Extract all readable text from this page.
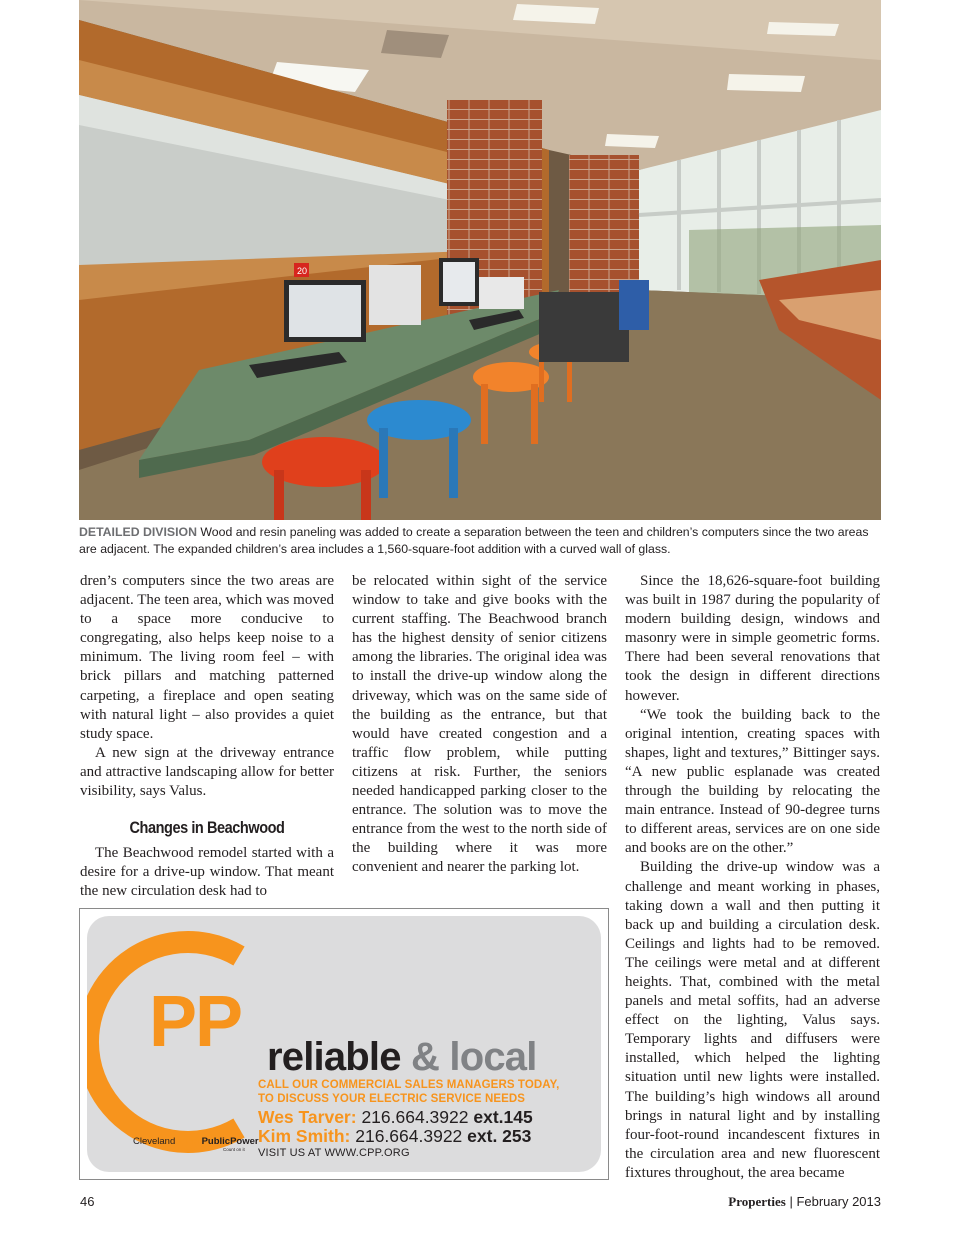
20
DETAILED DIVISION Wood and resin paneling was added to create a separation between the teen and children’s computers since the two areas are adjacent. The expanded children’s area includes a 1,560-square-foot addition with a curved wall of glass.

dren’s computers since the two areas are adjacent. The teen area, which was moved to a space more conducive to congregating, also helps keep noise to a minimum. The living room feel – with brick pillars and matching patterned carpeting, a fireplace and open seating with natural light – also provides a quiet study space.

A new sign at the driveway entrance and attractive landscaping allow for better visibility, says Valus.

Changes in Beachwood

The Beachwood remodel started with a desire for a drive-up window. That meant the new circulation desk had to

be relocated within sight of the service window to take and give books with the current staffing. The Beachwood branch has the highest density of senior citizens among the libraries. The original idea was to install the drive-up window along the driveway, which was on the same side of the building as the entrance, but that would have created congestion and a traffic flow problem, while putting citizens at risk. Further, the seniors needed handicapped parking closer to the entrance. The solution was to move the entrance from the west to the north side of the building where it was more convenient and nearer the parking lot.

Since the 18,626-square-foot building was built in 1987 during the popularity of modern building design, windows and masonry were in simple geometric forms. There had been several renovations that took the design in different directions however.

“We took the building back to the original intention, creating spaces with shapes, light and textures,” Bittinger says. “A new public esplanade was created through the building by relocating the main entrance. Instead of 90-degree turns to different areas, services are on one side and books are on the other.”

Building the drive-up window was a challenge and meant working in phases, taking down a wall and then putting it back up and building a circulation desk. Ceilings and lights had to be removed. The ceilings were metal and at different heights. That, combined with the metal panels and metal soffits, had an adverse effect on the lighting, Valus says. Temporary lights and diffusers were installed, which helped the lighting situation until new lights were installed. The building’s high windows all around brings in natural light and by installing four-foot-round incandescent fixtures in the circulation area and new fluorescent fixtures throughout, the area became

PP reliable & local
CALL OUR COMMERCIAL SALES MANAGERS TODAY,
TO DISCUSS YOUR ELECTRIC SERVICE NEEDS
Wes Tarver: 216.664.3922 ext.145
Kim Smith: 216.664.3922 ext. 253
VISIT US AT WWW.CPP.ORG
Cleveland PP PublicPower
Count on it
46	Properties | February 2013
